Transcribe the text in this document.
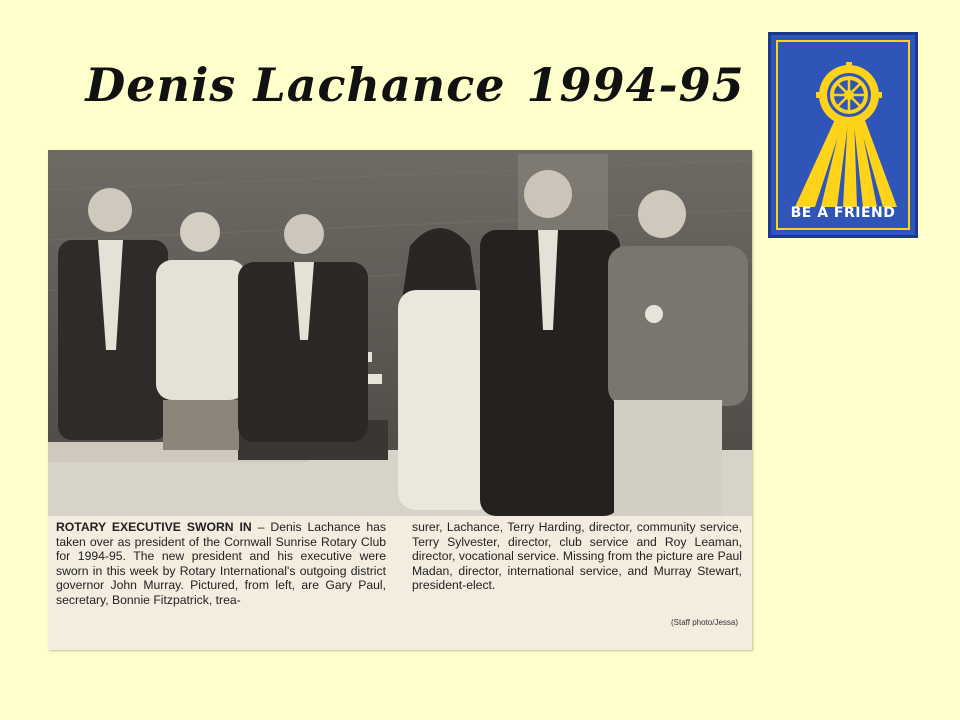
Denis Lachance 1994-95
BE A FRIEND
ROTARY EXECUTIVE SWORN IN – Denis Lachance has taken over as president of the Cornwall Sunrise Rotary Club for 1994-95. The new president and his executive were sworn in this week by Rotary International's outgoing district governor John Murray. Pictured, from left, are Gary Paul, secretary, Bonnie Fitzpatrick, trea-
surer, Lachance, Terry Harding, director, community service, Terry Sylvester, director, club service and Roy Leaman, director, vocational service. Missing from the picture are Paul Madan, director, international service, and Murray Stewart, president-elect.
(Staff photo/Jessa)
